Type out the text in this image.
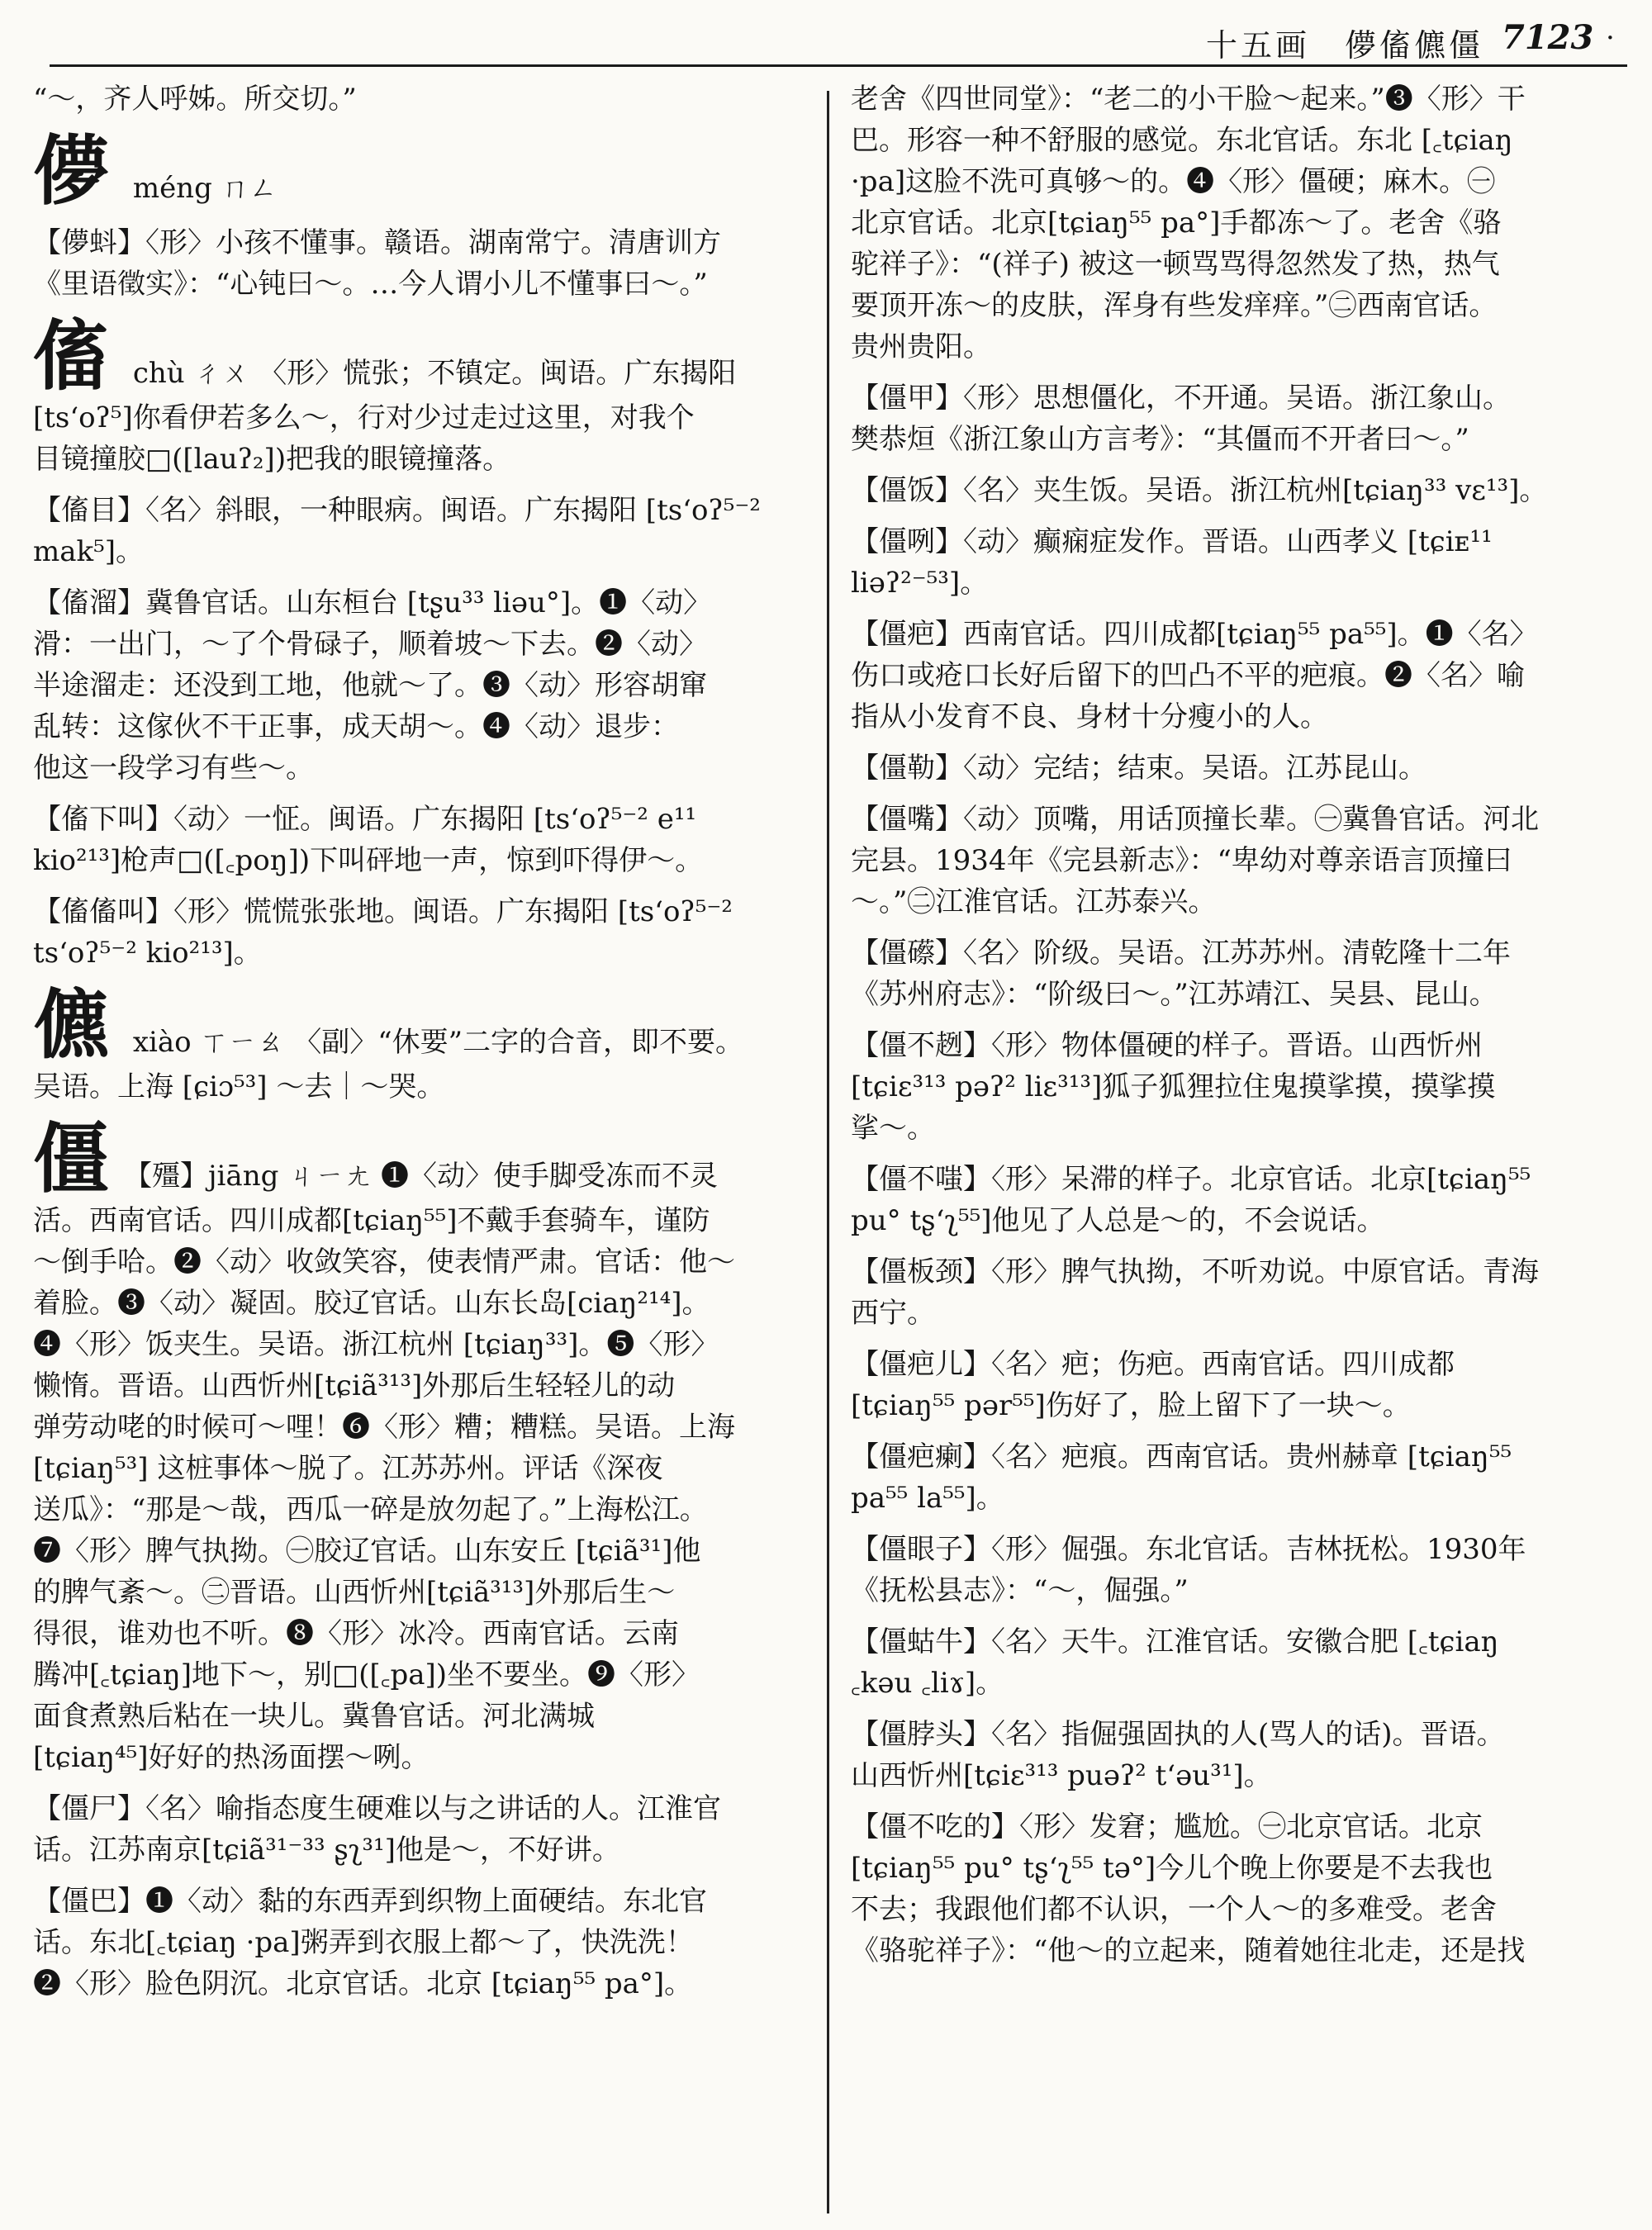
十五画　儚傗儦僵 7123 ·

“～，齐人呼姊。所交切。”

儚 méng ㄇㄥ

【儚蚪】〈形〉小孩不懂事。赣语。湖南常宁。清唐训方

《里语徵实》：“心钝曰～。…今人谓小儿不懂事曰～。”

傗 chù ㄔㄨ 〈形〉慌张；不镇定。闽语。广东揭阳

[tsʻoʔ⁵]你看伊若多么～，行对少过走过这里，对我个

目镜撞胶□([lauʔ₂])把我的眼镜撞落。

【傗目】〈名〉斜眼，一种眼病。闽语。广东揭阳 [tsʻoʔ⁵⁻²

mak⁵]。

【傗溜】冀鲁官话。山东桓台 [tʂu³³ liəu°]。❶〈动〉

滑：一出门，～了个骨碌子，顺着坡～下去。❷〈动〉

半途溜走：还没到工地，他就～了。❸〈动〉形容胡窜

乱转：这傢伙不干正事，成天胡～。❹〈动〉退步：

他这一段学习有些～。

【傗下叫】〈动〉一怔。闽语。广东揭阳 [tsʻoʔ⁵⁻² e¹¹

kio²¹³]枪声□([꜀poŋ])下叫砰地一声，惊到吓得伊～。

【傗傗叫】〈形〉慌慌张张地。闽语。广东揭阳 [tsʻoʔ⁵⁻²

tsʻoʔ⁵⁻² kio²¹³]。

儦 xiào ㄒㄧㄠ 〈副〉“休要”二字的合音，即不要。

吴语。上海 [ɕiɔ⁵³] ～去｜～哭。

僵 【殭】jiāng ㄐㄧㄤ ❶〈动〉使手脚受冻而不灵

活。西南官话。四川成都[tɕiaŋ⁵⁵]不戴手套骑车，谨防

～倒手哈。❷〈动〉收敛笑容，使表情严肃。官话：他～

着脸。❸〈动〉凝固。胶辽官话。山东长岛[ciaŋ²¹⁴]。

❹〈形〉饭夹生。吴语。浙江杭州 [tɕiaŋ³³]。❺〈形〉

懒惰。晋语。山西忻州[tɕiã³¹³]外那后生轻轻儿的动

弹劳动咾的时候可～哩！❻〈形〉糟；糟糕。吴语。上海

[tɕiaŋ⁵³] 这桩事体～脱了。江苏苏州。评话《深夜

送瓜》：“那是～哉，西瓜一碎是放勿起了。”上海松江。

❼〈形〉脾气执拗。㊀胶辽官话。山东安丘 [tɕiã³¹]他

的脾气紊～。㊁晋语。山西忻州[tɕiã³¹³]外那后生～

得很，谁劝也不听。❽〈形〉冰冷。西南官话。云南

腾冲[꜀tɕiaŋ]地下～，别□([꜀pa])坐不要坐。❾〈形〉

面食煮熟后粘在一块儿。冀鲁官话。河北满城

[tɕiaŋ⁴⁵]好好的热汤面摆～咧。

【僵尸】〈名〉喻指态度生硬难以与之讲话的人。江淮官

话。江苏南京[tɕiã³¹⁻³³ ʂʅ³¹]他是～，不好讲。

【僵巴】❶〈动〉黏的东西弄到织物上面硬结。东北官

话。东北[꜀tɕiaŋ ·pa]粥弄到衣服上都～了，快洗洗！

❷〈形〉脸色阴沉。北京官话。北京 [tɕiaŋ⁵⁵ pa°]。

老舍《四世同堂》：“老二的小干脸～起来。”❸〈形〉干

巴。形容一种不舒服的感觉。东北官话。东北 [꜀tɕiaŋ

·pa]这脸不洗可真够～的。❹〈形〉僵硬；麻木。㊀

北京官话。北京[tɕiaŋ⁵⁵ pa°]手都冻～了。老舍《骆

驼祥子》：“(祥子) 被这一顿骂骂得忽然发了热，热气

要顶开冻～的皮肤，浑身有些发痒痒。”㊁西南官话。

贵州贵阳。

【僵甲】〈形〉思想僵化，不开通。吴语。浙江象山。

樊恭烜《浙江象山方言考》：“其僵而不开者曰～。”

【僵饭】〈名〉夹生饭。吴语。浙江杭州[tɕiaŋ³³ vɛ¹³]。

【僵咧】〈动〉癫痫症发作。晋语。山西孝义 [tɕiᴇ¹¹

liəʔ²⁻⁵³]。

【僵疤】西南官话。四川成都[tɕiaŋ⁵⁵ pa⁵⁵]。❶〈名〉

伤口或疮口长好后留下的凹凸不平的疤痕。❷〈名〉喻

指从小发育不良、身材十分瘦小的人。

【僵勒】〈动〉完结；结束。吴语。江苏昆山。

【僵嘴】〈动〉顶嘴，用话顶撞长辈。㊀冀鲁官话。河北

完县。1934年《完县新志》：“卑幼对尊亲语言顶撞曰

～。”㊁江淮官话。江苏泰兴。

【僵礤】〈名〉阶级。吴语。江苏苏州。清乾隆十二年

《苏州府志》：“阶级曰～。”江苏靖江、吴县、昆山。

【僵不趔】〈形〉物体僵硬的样子。晋语。山西忻州

[tɕiɛ³¹³ pəʔ² liɛ³¹³]狐子狐狸拉住鬼摸挲摸，摸挲摸

挲～。

【僵不嗤】〈形〉呆滞的样子。北京官话。北京[tɕiaŋ⁵⁵

pu° tʂʻʅ⁵⁵]他见了人总是～的，不会说话。

【僵板颈】〈形〉脾气执拗，不听劝说。中原官话。青海

西宁。

【僵疤儿】〈名〉疤；伤疤。西南官话。四川成都

[tɕiaŋ⁵⁵ pər⁵⁵]伤好了，脸上留下了一块～。

【僵疤瘌】〈名〉疤痕。西南官话。贵州赫章 [tɕiaŋ⁵⁵

pa⁵⁵ la⁵⁵]。

【僵眼子】〈形〉倔强。东北官话。吉林抚松。1930年

《抚松县志》：“～，倔强。”

【僵蛄牛】〈名〉天牛。江淮官话。安徽合肥 [꜀tɕiaŋ

꜀kəu ꜀liɤ]。

【僵脖头】〈名〉指倔强固执的人(骂人的话)。晋语。

山西忻州[tɕiɛ³¹³ puəʔ² tʻəu³¹]。

【僵不吃的】〈形〉发窘；尴尬。㊀北京官话。北京

[tɕiaŋ⁵⁵ pu° tʂʻʅ⁵⁵ tə°]今儿个晚上你要是不去我也

不去；我跟他们都不认识，一个人～的多难受。老舍

《骆驼祥子》：“他～的立起来，随着她往北走，还是找
